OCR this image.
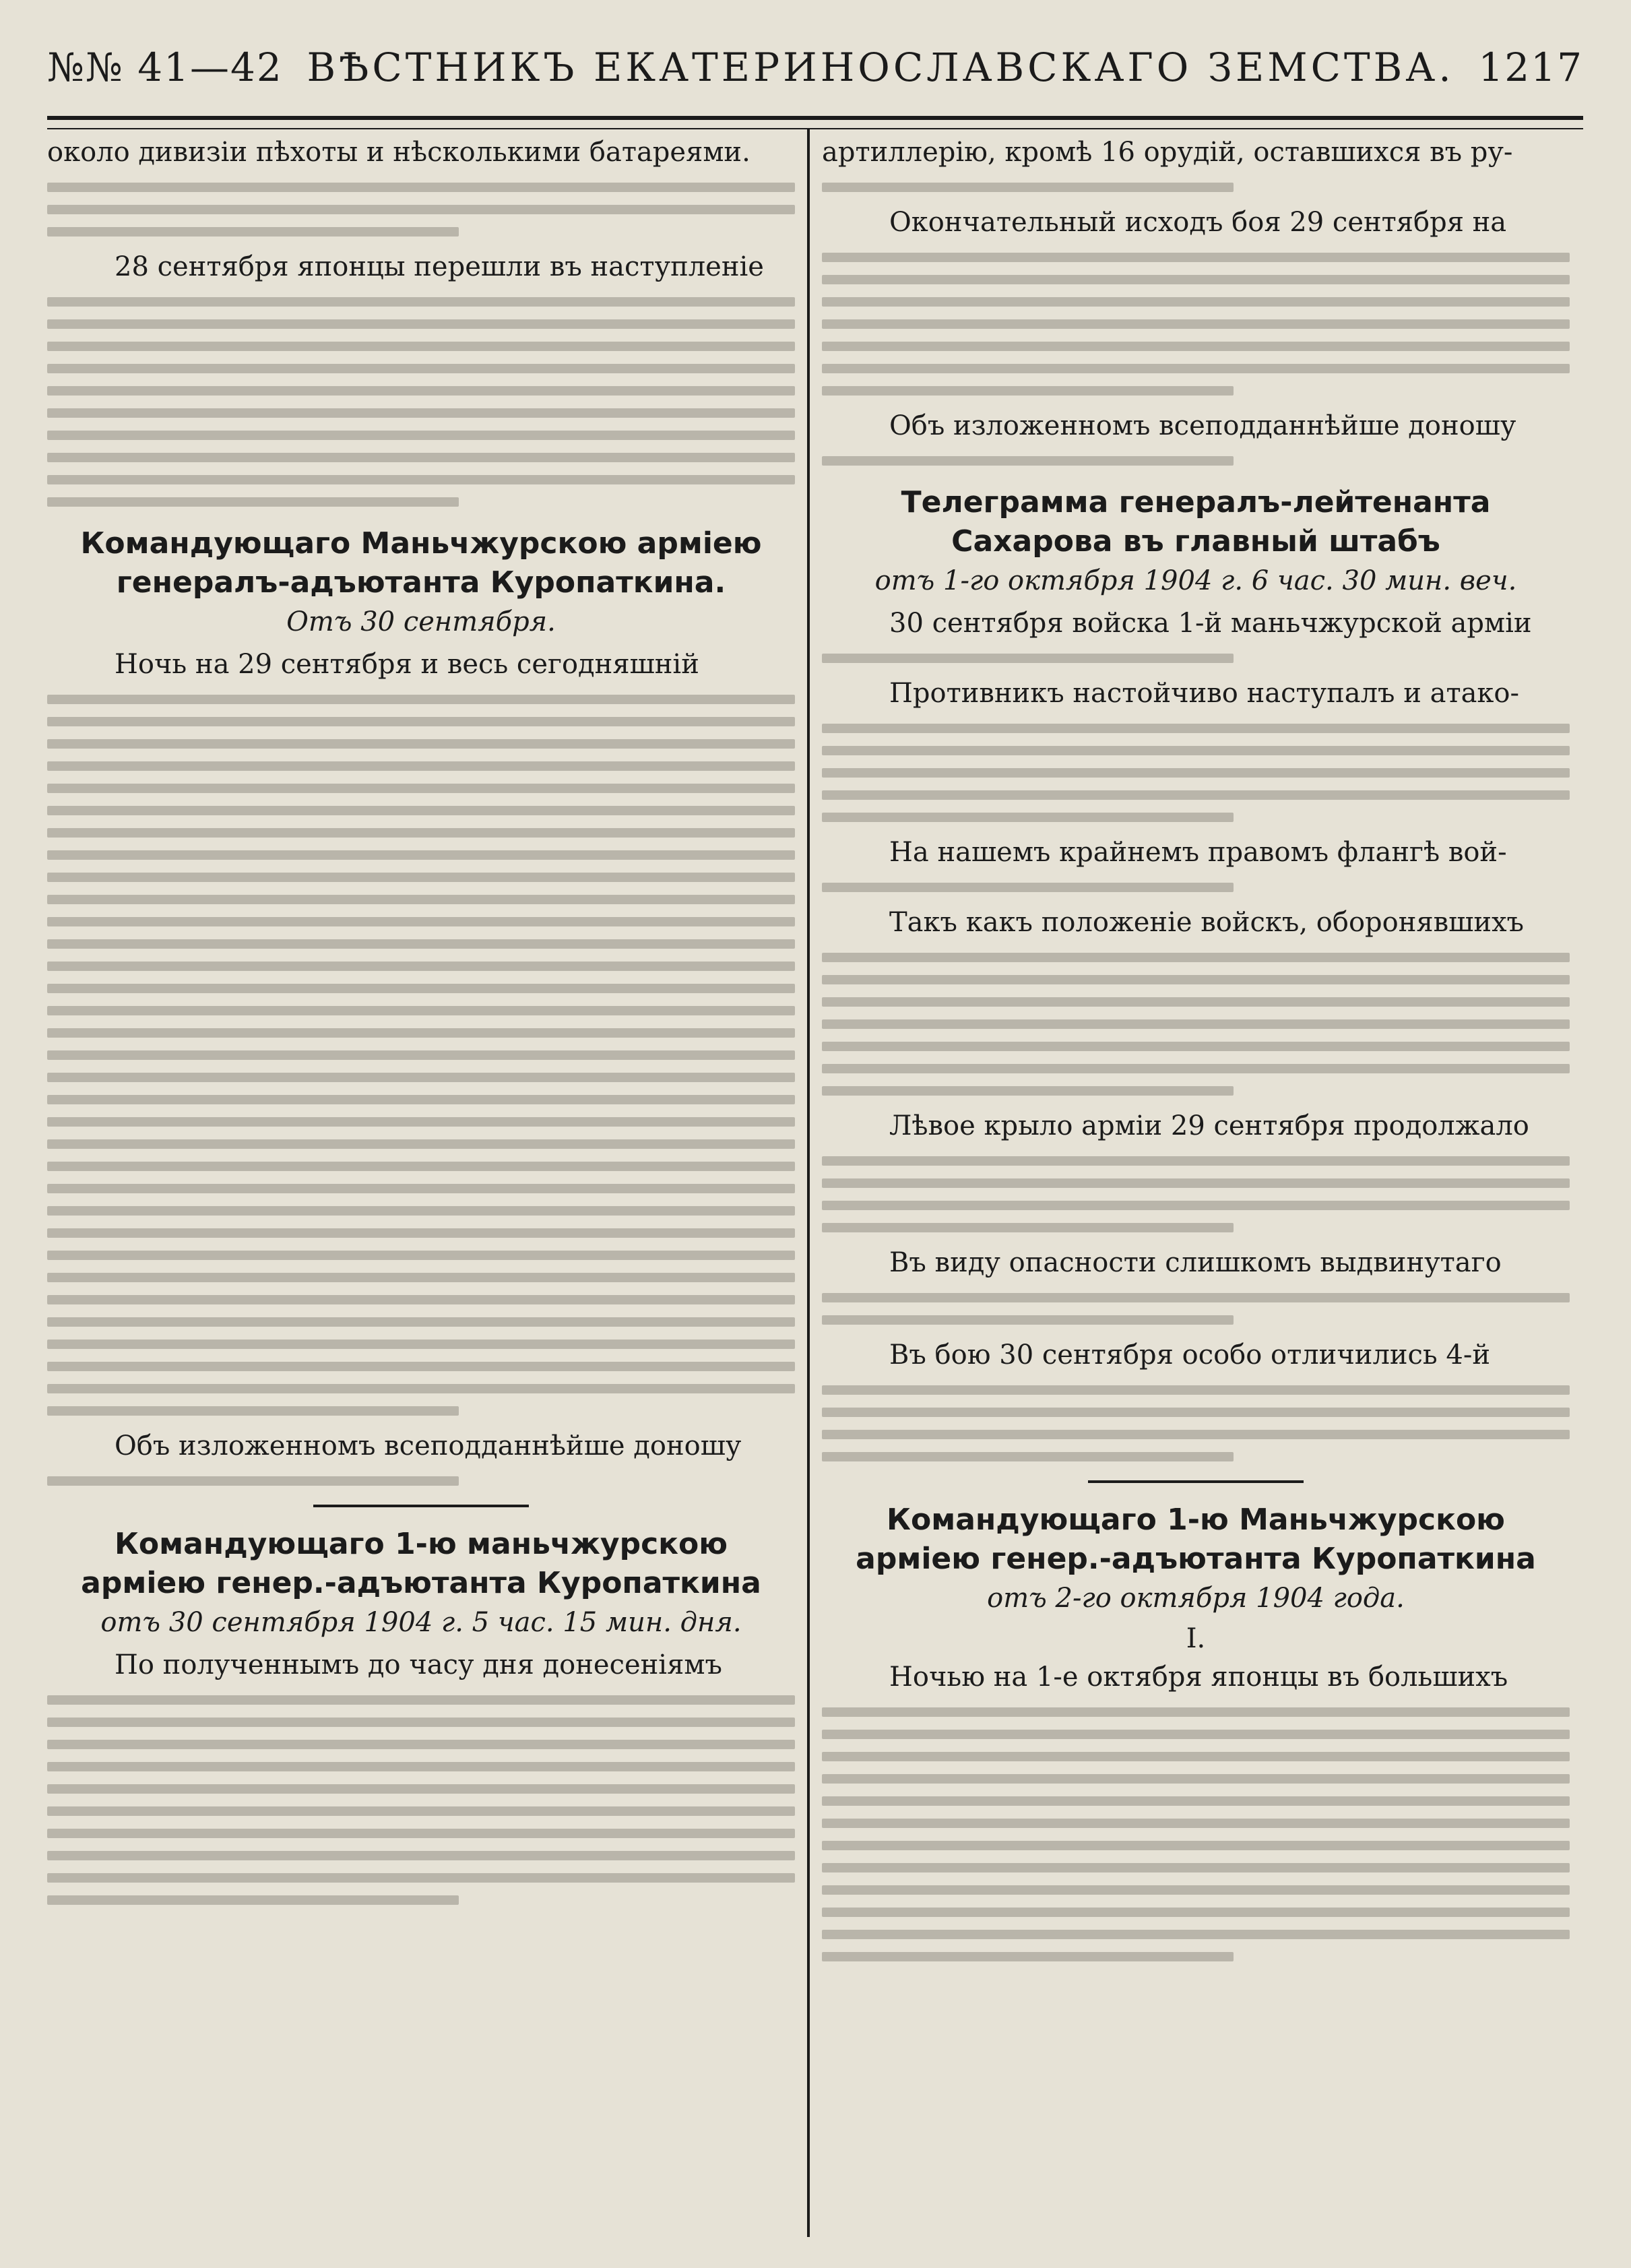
№№ 41—42 ВѢСТНИКЪ ЕКАТЕРИНОСЛАВСКАГО ЗЕМСТВА. 1217

около дивизіи пѣхоты и нѣсколькими батареями.

28 сентября японцы перешли въ наступленіе

Командующаго Маньчжурскою арміею генералъ-адъютанта Куропаткина.
Отъ 30 сентября.

Ночь на 29 сентября и весь сегодняшній

Объ изложенномъ всеподданнѣйше доношу

Командующаго 1-ю маньчжурскою арміею генер.-адъютанта Куропаткина
отъ 30 сентября 1904 г. 5 час. 15 мин. дня.

По полученнымъ до часу дня донесеніямъ

артиллерію, кромѣ 16 орудій, оставшихся въ ру-

Окончательный исходъ боя 29 сентября на

Объ изложенномъ всеподданнѣйше доношу

Телеграмма генералъ-лейтенанта Сахарова въ главный штабъ
отъ 1-го октября 1904 г. 6 час. 30 мин. веч.

30 сентября войска 1-й маньчжурской арміи

Противникъ настойчиво наступалъ и атако-

На нашемъ крайнемъ правомъ флангѣ вой-

Такъ какъ положеніе войскъ, оборонявшихъ

Лѣвое крыло арміи 29 сентября продолжало

Въ виду опасности слишкомъ выдвинутаго

Въ бою 30 сентября особо отличились 4-й

Командующаго 1-ю Маньчжурскою арміею генер.-адъютанта Куропаткина
отъ 2-го октября 1904 года.
I.

Ночью на 1-е октября японцы въ большихъ
